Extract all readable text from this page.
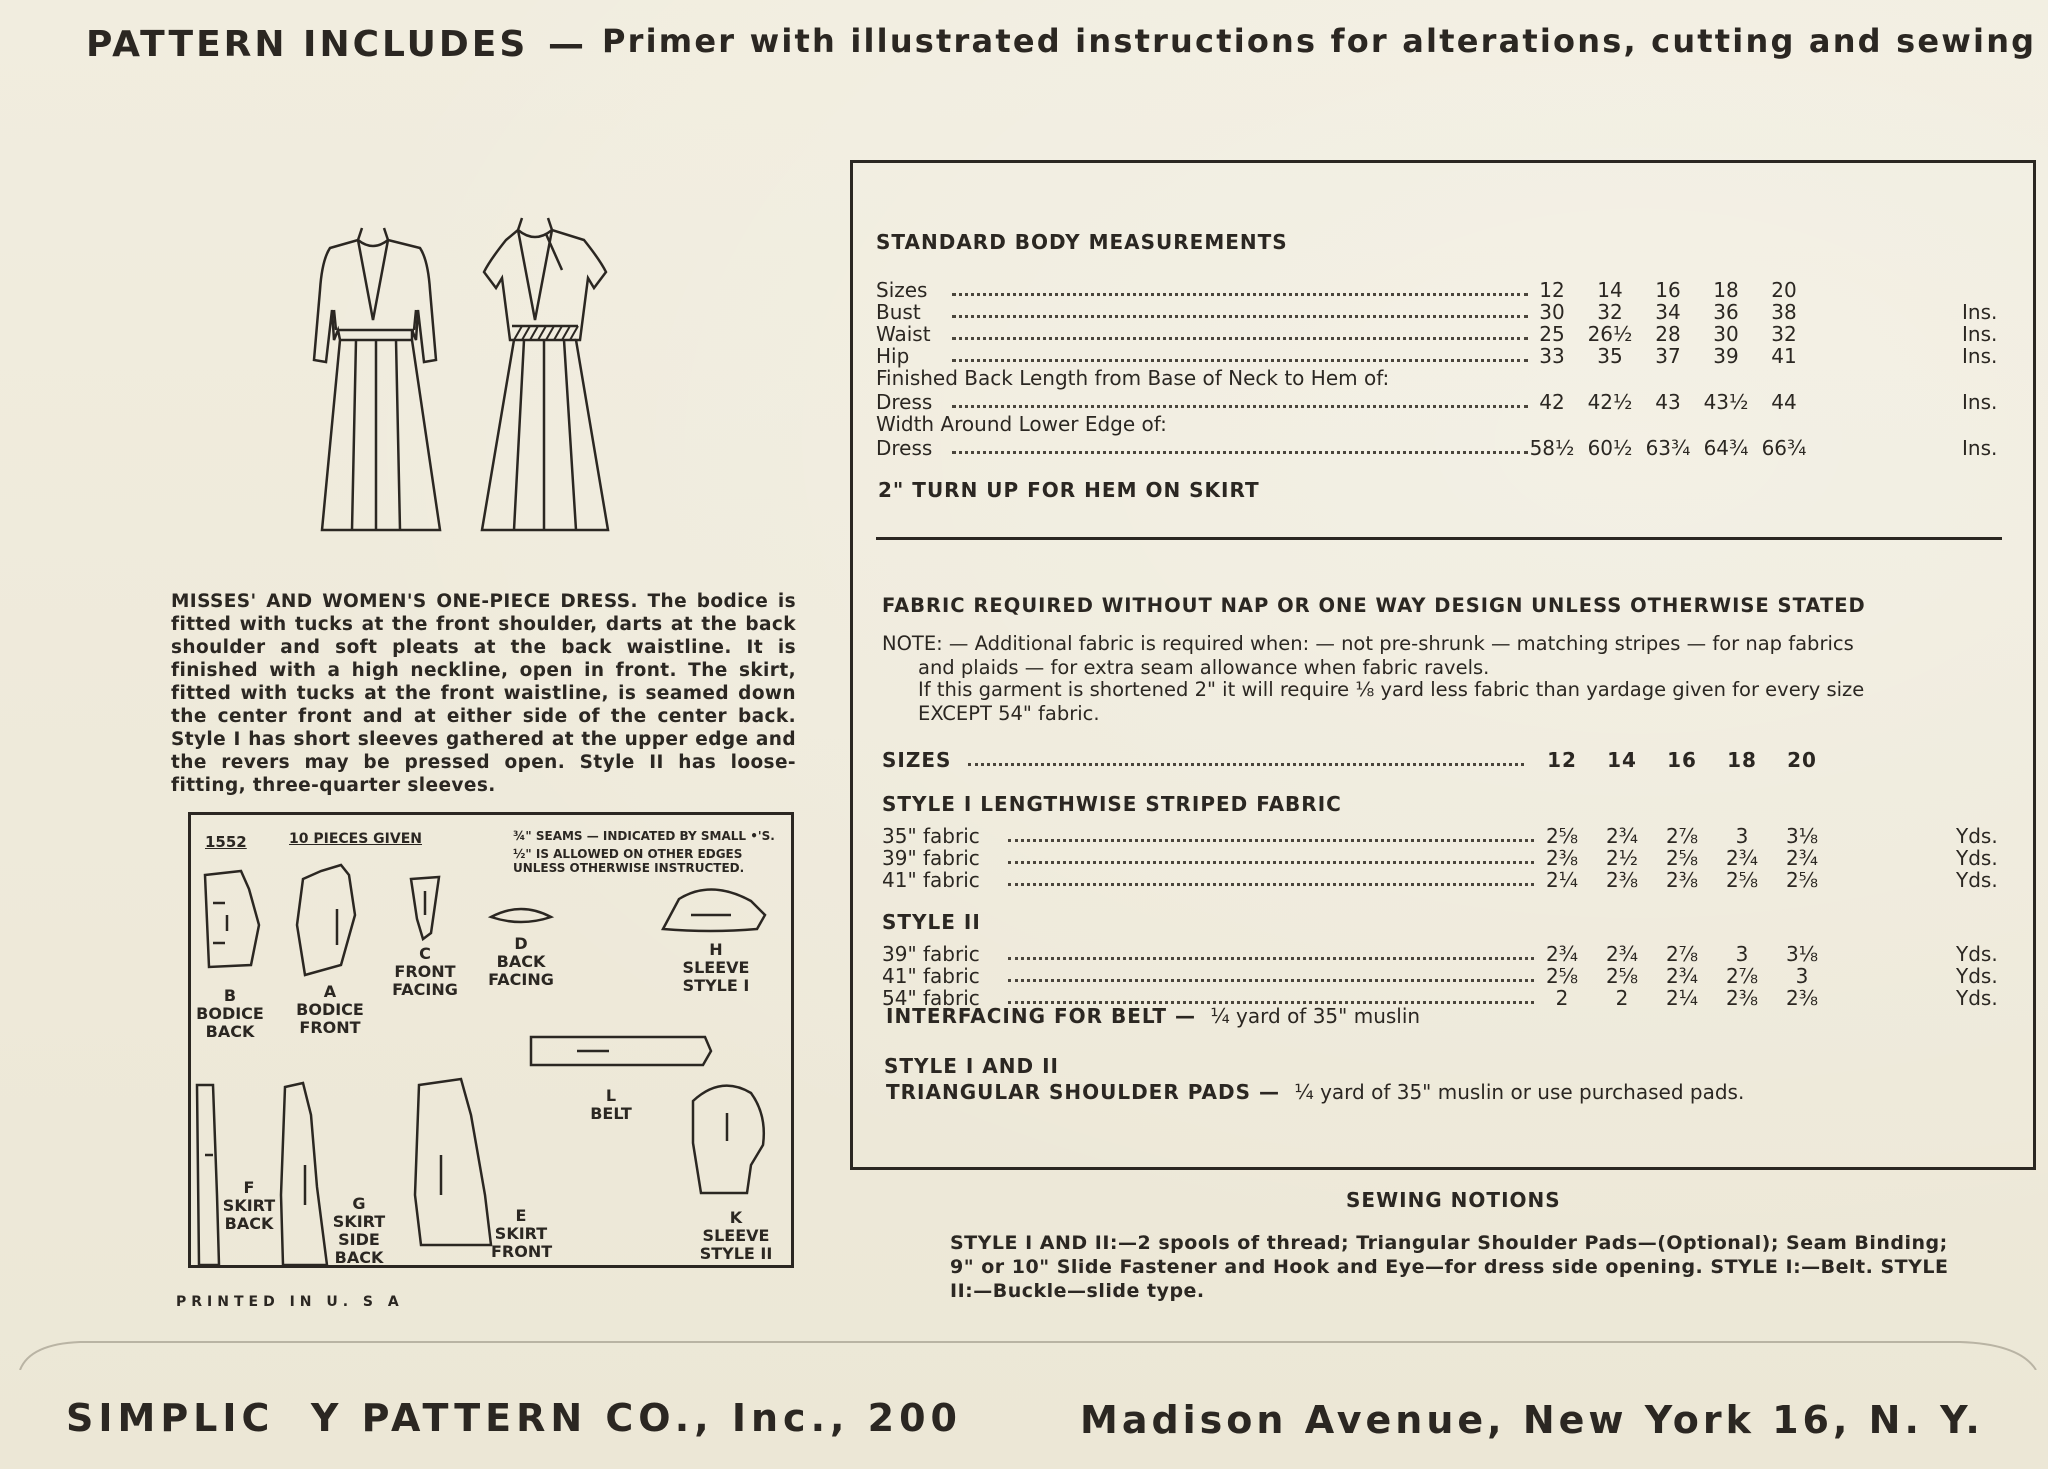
PATTERN INCLUDES — Primer with illustrated instructions for alterations, cutting and sewing
MISSES' AND WOMEN'S ONE-PIECE DRESS. The bodice is fitted with tucks at the front shoulder, darts at the back shoulder and soft pleats at the back waistline. It is finished with a high neckline, open in front. The skirt, fitted with tucks at the front waistline, is seamed down the center front and at either side of the center back. Style I has short sleeves gathered at the upper edge and the revers may be pressed open. Style II has loose-fitting, three-quarter sleeves.
1552	10 PIECES GIVEN	¾" SEAMS — INDICATED BY SMALL •'S.
½" IS ALLOWED ON OTHER EDGES
UNLESS OTHERWISE INSTRUCTED.
B
BODICE
BACK
A
BODICE
FRONT
C
FRONT
FACING
D
BACK
FACING
H
SLEEVE
STYLE I
L
BELT
F
SKIRT
BACK
G
SKIRT
SIDE
BACK
E
SKIRT
FRONT
K
SLEEVE
STYLE II
PRINTED IN U. S A
STANDARD BODY MEASUREMENTS
Sizes	12	14	16	18	20
Bust	30	32	34	36	38	Ins.
Waist	25	26½	28	30	32	Ins.
Hip	33	35	37	39	41	Ins.
Finished Back Length from Base of Neck to Hem of:
Dress	42	42½	43	43½	44	Ins.
Width Around Lower Edge of:
Dress	58½ 60½ 63¾ 64¾ 66¾	Ins.
2" TURN UP FOR HEM ON SKIRT
FABRIC REQUIRED WITHOUT NAP OR ONE WAY DESIGN UNLESS OTHERWISE STATED
NOTE: — Additional fabric is required when: — not pre-shrunk — matching stripes — for nap fabrics
and plaids — for extra seam allowance when fabric ravels.
If this garment is shortened 2" it will require ⅛ yard less fabric than yardage given for every size
EXCEPT 54" fabric.
SIZES	12	14	16	18	20
STYLE I LENGTHWISE STRIPED FABRIC
35" fabric	2⅝	2¾	2⅞	3	3⅛	Yds.
39" fabric	2⅜	2½	2⅝	2¾	2¾	Yds.
41" fabric	2¼	2⅜	2⅜	2⅝	2⅝	Yds.
STYLE II
39" fabric	2¾	2¾	2⅞	3	3⅛	Yds.
41" fabric	2⅝	2⅝	2¾	2⅞	3	Yds.
54" fabric	2	2	2¼	2⅜	2⅜	Yds.
INTERFACING FOR BELT — ¼ yard of 35" muslin
STYLE I AND II
TRIANGULAR SHOULDER PADS — ¼ yard of 35" muslin or use purchased pads.
SEWING NOTIONS
STYLE I AND II:—2 spools of thread; Triangular Shoulder Pads—(Optional); Seam Binding;
9" or 10" Slide Fastener and Hook and Eye—for dress side opening. STYLE I:—Belt. STYLE
II:—Buckle—slide type.
SIMPLIC  Y PATTERN CO., Inc., 200	Madison Avenue, New York 16, N. Y.
